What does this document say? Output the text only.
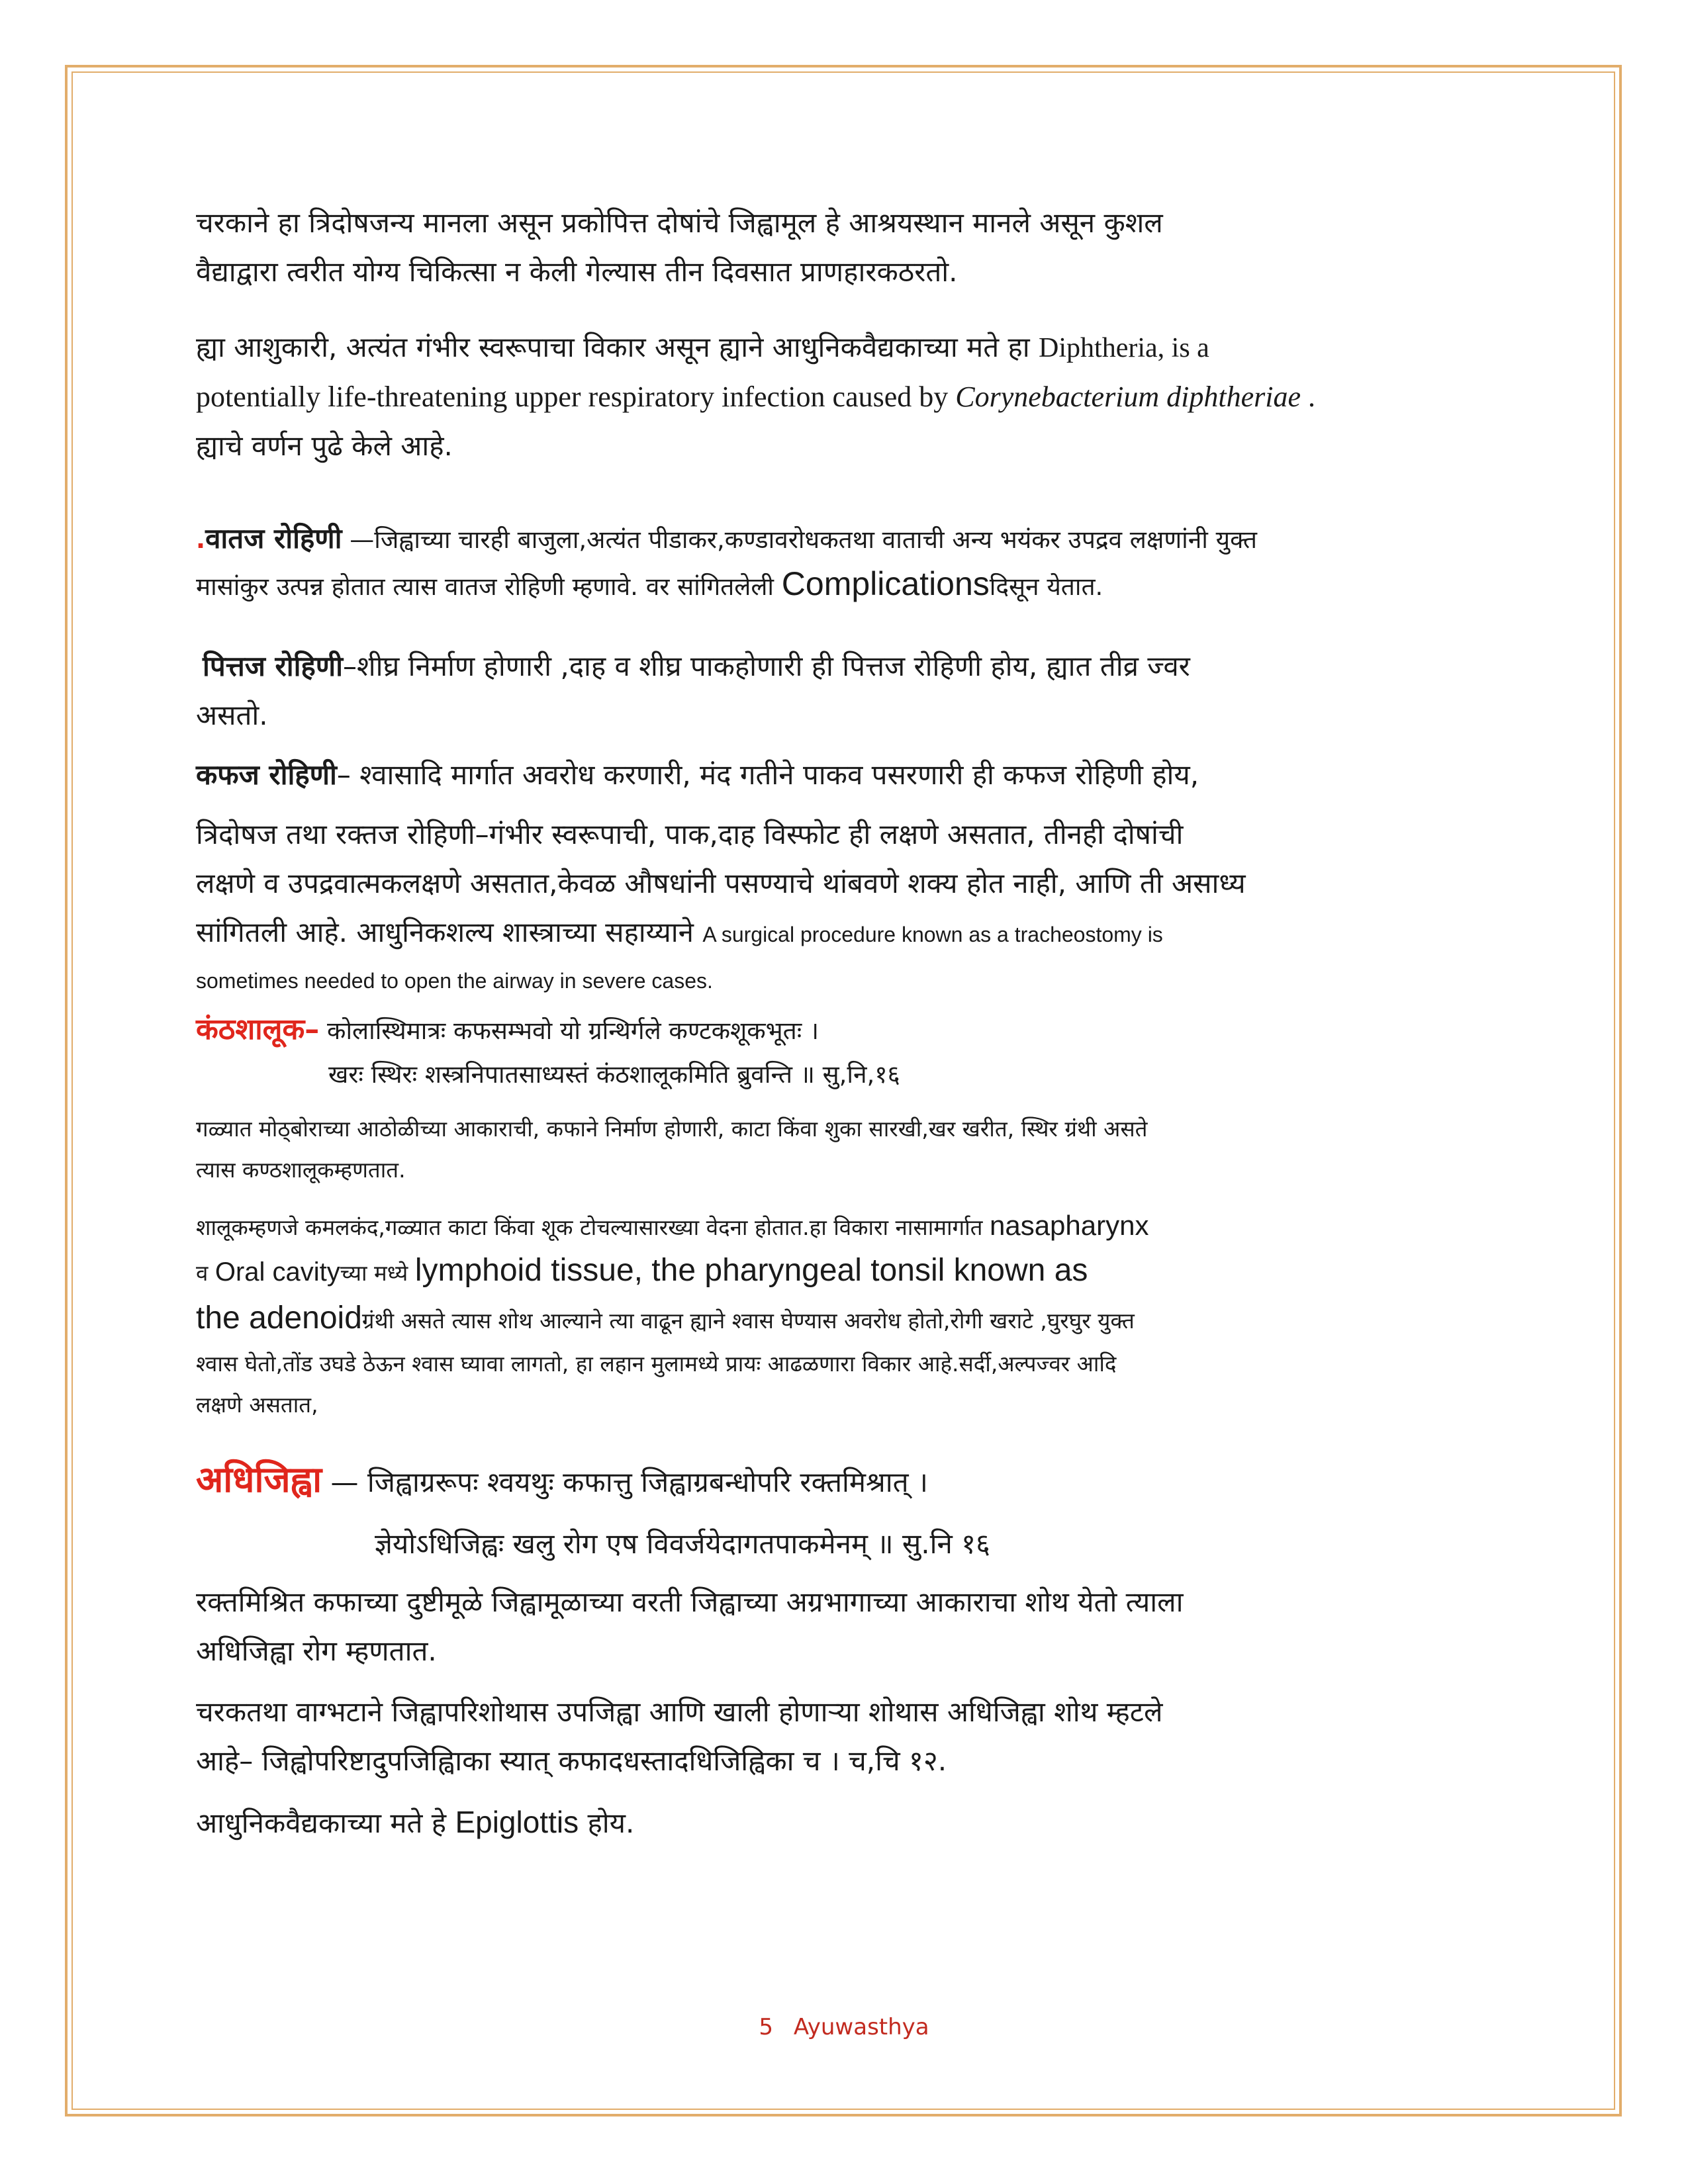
चरकाने हा त्रिदोषजन्य मानला असून प्रकोपित्त दोषांचे जिह्वामूल हे आश्रयस्थान मानले असून कुशल

वैद्याद्वारा त्वरीत योग्य चिकित्सा न केली गेल्यास तीन दिवसात प्राणहारकठरतो.

ह्या आशुकारी, अत्यंत गंभीर स्वरूपाचा विकार असून ह्याने आधुनिकवैद्यकाच्या मते हा Diphtheria, is a

potentially life-threatening upper respiratory infection caused by Corynebacterium diphtheriae .

ह्याचे वर्णन पुढे केले आहे.

.वातज रोहिणी —जिह्वाच्या चारही बाजुला,अत्यंत पीडाकर,कण्डावरोधकतथा वाताची अन्य भयंकर उपद्रव लक्षणांनी युक्त

मासांकुर उत्पन्न होतात त्यास वातज रोहिणी म्हणावे. वर सांगितलेली Complicationsदिसून येतात.

पित्तज रोहिणी–शीघ्र निर्माण होणारी ,दाह व शीघ्र पाकहोणारी ही पित्तज रोहिणी होय, ह्यात तीव्र ज्वर

असतो.

कफज रोहिणी– श्वासादि मार्गात अवरोध करणारी, मंद गतीने पाकव पसरणारी ही कफज रोहिणी होय,

त्रिदोषज तथा रक्तज रोहिणी–गंभीर स्वरूपाची, पाक,दाह विस्फोट ही लक्षणे असतात, तीनही दोषांची

लक्षणे व उपद्रवात्मकलक्षणे असतात,केवळ औषधांनी पसण्याचे थांबवणे शक्य होत नाही, आणि ती असाध्य

सांगितली आहे. आधुनिकशल्य शास्त्राच्या सहाय्याने A surgical procedure known as a tracheostomy is

sometimes needed to open the airway in severe cases.

कंठशालूक– कोलास्थिमात्रः कफसम्भवो यो ग्रन्थिर्गले कण्टकशूकभूतः ।

खरः स्थिरः शस्त्रनिपातसाध्यस्तं कंठशालूकमिति ब्रुवन्ति ॥ सु,नि,१६

गळ्यात मोठ्बोराच्या आठोळीच्या आकाराची, कफाने निर्माण होणारी, काटा किंवा शुका सारखी,खर खरीत, स्थिर ग्रंथी असते

त्यास कण्ठशालूकम्हणतात.

शालूकम्हणजे कमलकंद,गळ्यात काटा किंवा शूक टोचल्यासारख्या वेदना होतात.हा विकारा नासामार्गात nasapharynx

व Oral cavityच्या मध्ये lymphoid tissue, the pharyngeal tonsil known as

the adenoidग्रंथी असते त्यास शोथ आल्याने त्या वाढून ह्याने श्वास घेण्यास अवरोध होतो,रोगी खराटे ,घुरघुर युक्त

श्वास घेतो,तोंड उघडे ठेऊन श्वास घ्यावा लागतो, हा लहान मुलामध्ये प्रायः आढळणारा विकार आहे.सर्दी,अल्पज्वर आदि

लक्षणे असतात,

अधिजिह्वा — जिह्वाग्ररूपः श्वयथुः कफात्तु जिह्वाग्रबन्धोपरि रक्तमिश्रात् ।

ज्ञेयोऽधिजिह्वः खलु रोग एष विवर्जयेदागतपाकमेनम् ॥ सु.नि १६

रक्तमिश्रित कफाच्या दुष्टीमूळे जिह्वामूळाच्या वरती जिह्वाच्या अग्रभागाच्या आकाराचा शोथ येतो त्याला

अधिजिह्वा रोग म्हणतात.

चरकतथा वाग्भटाने जिह्वापरिशोथास उपजिह्वा आणि खाली होणाऱ्या शोथास अधिजिह्वा शोथ म्हटले

आहे– जिह्वोपरिष्टादुपजिह्विाका स्यात् कफादधस्तादधिजिह्विका च । च,चि १२.

आधुनिकवैद्यकाच्या मते हे Epiglottis होय.

5 Ayuwasthya
